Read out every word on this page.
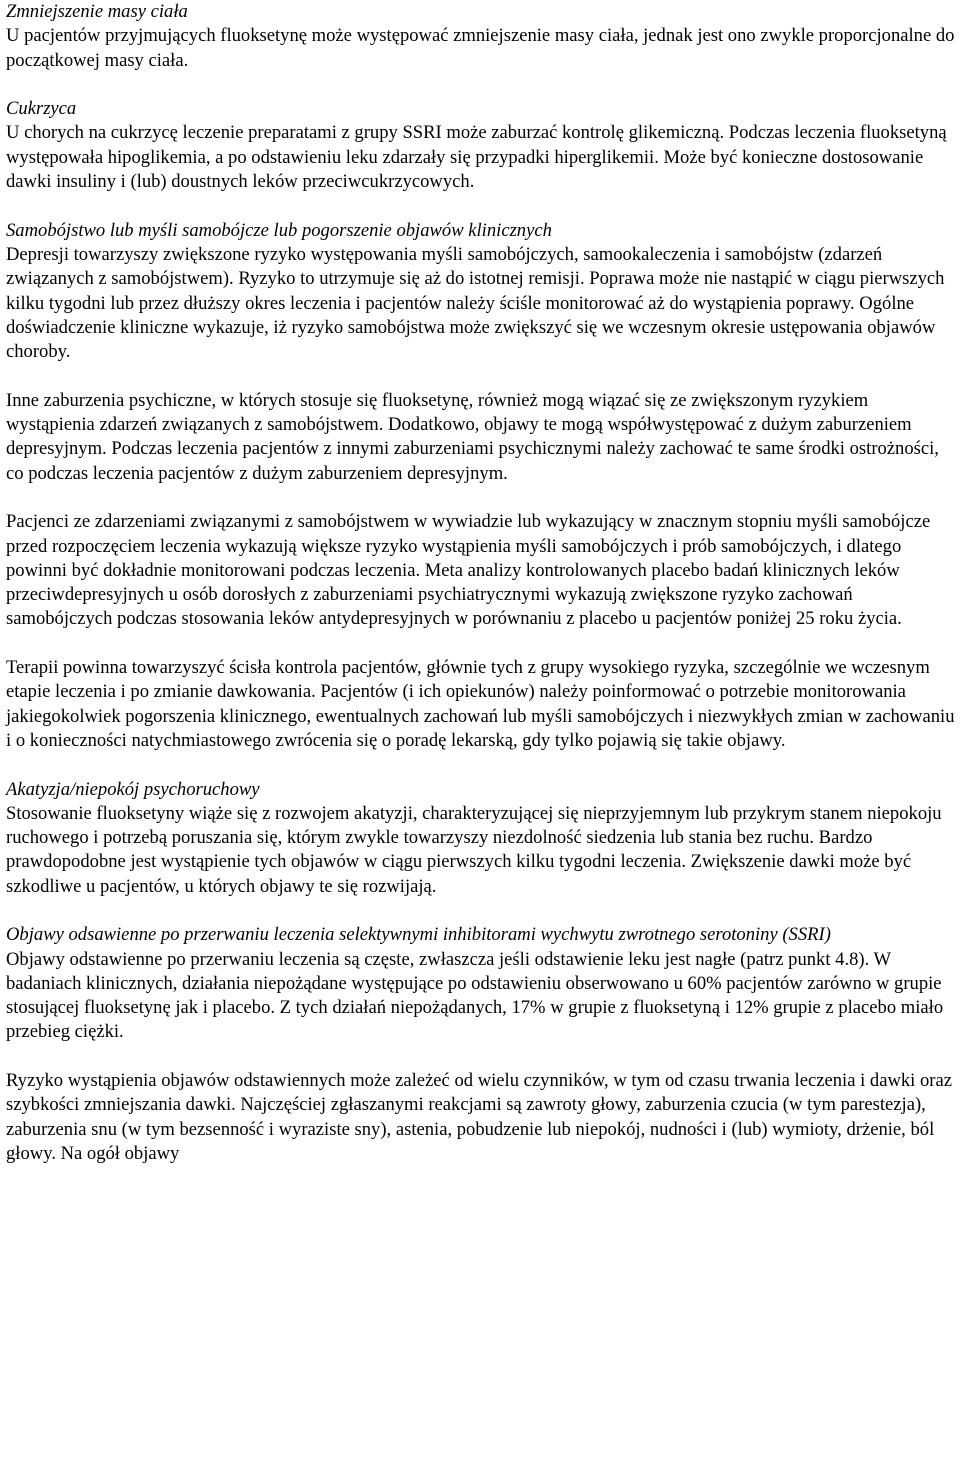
Zmniejszenie masy ciała

U pacjentów przyjmujących fluoksetynę może występować zmniejszenie masy ciała, jednak jest ono zwykle proporcjonalne do początkowej masy ciała.

Cukrzyca

U chorych na cukrzycę leczenie preparatami z grupy SSRI może zaburzać kontrolę glikemiczną. Podczas leczenia fluoksetyną występowała hipoglikemia, a po odstawieniu leku zdarzały się przypadki hiperglikemii. Może być konieczne dostosowanie dawki insuliny i (lub) doustnych leków przeciwcukrzycowych.

Samobójstwo lub myśli samobójcze lub pogorszenie objawów klinicznych

Depresji towarzyszy zwiększone ryzyko występowania myśli samobójczych, samookaleczenia i samobójstw (zdarzeń związanych z samobójstwem). Ryzyko to utrzymuje się aż do istotnej remisji. Poprawa może nie nastąpić w ciągu pierwszych kilku tygodni lub przez dłuższy okres leczenia i pacjentów należy ściśle monitorować aż do wystąpienia poprawy. Ogólne doświadczenie kliniczne wykazuje, iż ryzyko samobójstwa może zwiększyć się we wczesnym okresie ustępowania objawów choroby.

Inne zaburzenia psychiczne, w których stosuje się fluoksetynę, również mogą wiązać się ze zwiększonym ryzykiem wystąpienia zdarzeń związanych z samobójstwem. Dodatkowo, objawy te mogą współwystępować z dużym zaburzeniem depresyjnym. Podczas leczenia pacjentów z innymi zaburzeniami psychicznymi należy zachować te same środki ostrożności, co podczas leczenia pacjentów z dużym zaburzeniem depresyjnym.

Pacjenci ze zdarzeniami związanymi z samobójstwem w wywiadzie lub wykazujący w znacznym stopniu myśli samobójcze przed rozpoczęciem leczenia wykazują większe ryzyko wystąpienia myśli samobójczych i prób samobójczych, i dlatego powinni być dokładnie monitorowani podczas leczenia. Meta analizy kontrolowanych placebo badań klinicznych leków przeciwdepresyjnych u osób dorosłych z zaburzeniami psychiatrycznymi wykazują zwiększone ryzyko zachowań samobójczych podczas stosowania leków antydepresyjnych w porównaniu z placebo u pacjentów poniżej 25 roku życia.

Terapii powinna towarzyszyć ścisła kontrola pacjentów, głównie tych z grupy wysokiego ryzyka, szczególnie we wczesnym etapie leczenia i po zmianie dawkowania. Pacjentów (i ich opiekunów) należy poinformować o potrzebie monitorowania jakiegokolwiek pogorszenia klinicznego, ewentualnych zachowań lub myśli samobójczych i niezwykłych zmian w zachowaniu i o konieczności natychmiastowego zwrócenia się o poradę lekarską, gdy tylko pojawią się takie objawy.

Akatyzja/niepokój psychoruchowy

Stosowanie fluoksetyny wiąże się z rozwojem akatyzji, charakteryzującej się nieprzyjemnym lub przykrym stanem niepokoju ruchowego i potrzebą poruszania się, którym zwykle towarzyszy niezdolność siedzenia lub stania bez ruchu. Bardzo prawdopodobne jest wystąpienie tych objawów w ciągu pierwszych kilku tygodni leczenia. Zwiększenie dawki może być szkodliwe u pacjentów, u których objawy te się rozwijają.

Objawy odsawienne po przerwaniu leczenia selektywnymi inhibitorami wychwytu zwrotnego serotoniny (SSRI)

Objawy odstawienne po przerwaniu leczenia są częste, zwłaszcza jeśli odstawienie leku jest nagłe (patrz punkt 4.8). W badaniach klinicznych, działania niepożądane występujące po odstawieniu obserwowano u 60% pacjentów zarówno w grupie stosującej fluoksetynę jak i placebo. Z tych działań niepożądanych, 17% w grupie z fluoksetyną i 12% grupie z placebo miało przebieg ciężki.

Ryzyko wystąpienia objawów odstawiennych może zależeć od wielu czynników, w tym od czasu trwania leczenia i dawki oraz szybkości zmniejszania dawki. Najczęściej zgłaszanymi reakcjami są zawroty głowy, zaburzenia czucia (w tym parestezja), zaburzenia snu (w tym bezsenność i wyraziste sny), astenia, pobudzenie lub niepokój, nudności i (lub) wymioty, drżenie, ból głowy. Na ogół objawy
